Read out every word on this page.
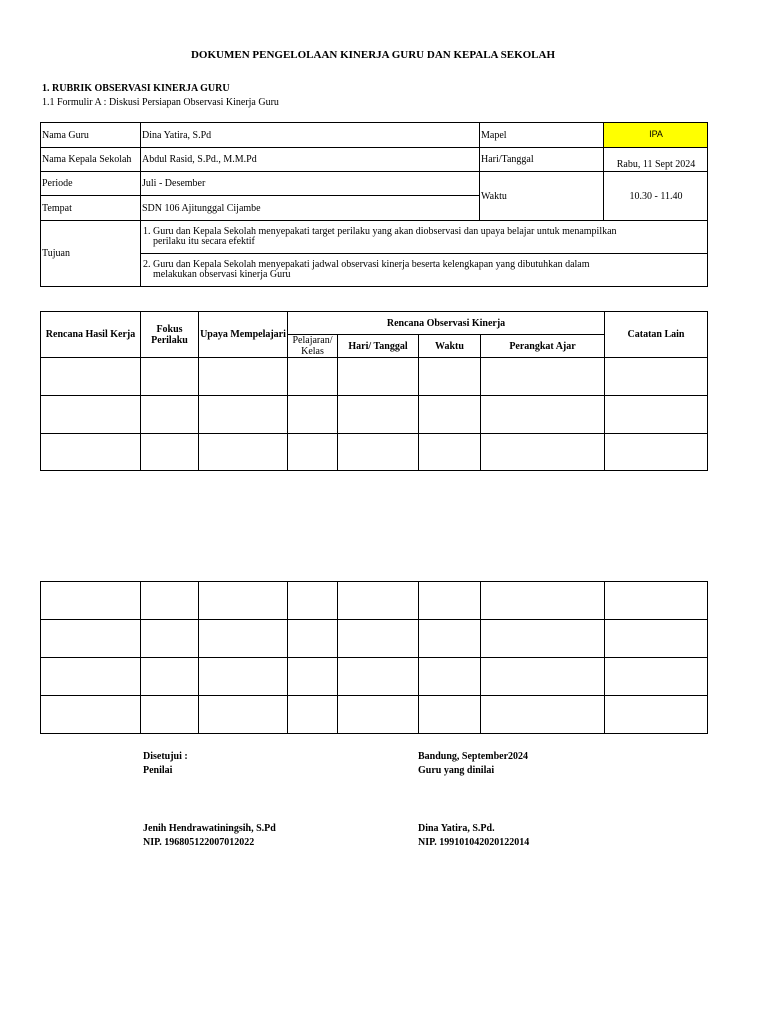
DOKUMEN PENGELOLAAN KINERJA GURU DAN KEPALA SEKOLAH
1. RUBRIK OBSERVASI KINERJA GURU
1.1 Formulir A : Diskusi Persiapan Observasi Kinerja Guru
Nama Guru	Dina Yatira, S.Pd	Mapel	IPA
Nama Kepala Sekolah	Abdul Rasid, S.Pd., M.M.Pd	Hari/Tanggal	Rabu, 11 Sept 2024
Periode	Juli - Desember	Waktu	10.30 - 11.40
Tempat	SDN 106 Ajitunggal Cijambe		
Tujuan	1. Guru dan Kepala Sekolah menyepakati target perilaku yang akan diobservasi dan upaya belajar untuk menampilkan
perilaku itu secara efektif		

	2. Guru dan Kepala Sekolah menyepakati jadwal observasi kinerja beserta kelengkapan yang dibutuhkan dalam
melakukan observasi kinerja Guru		
Rencana Hasil Kerja	Fokus Perilaku	Upaya Mempelajari	Rencana Observasi Kinerja				Catatan Lain
			Pelajaran/ Kelas	Hari/ Tanggal	Waktu	Perangkat Ajar	

Disetujui :
Penilai
Jenih Hendrawatiningsih, S.Pd
NIP. 196805122007012022
Bandung, September2024
Guru yang dinilai
Dina Yatira, S.Pd.
NIP. 199101042020122014
